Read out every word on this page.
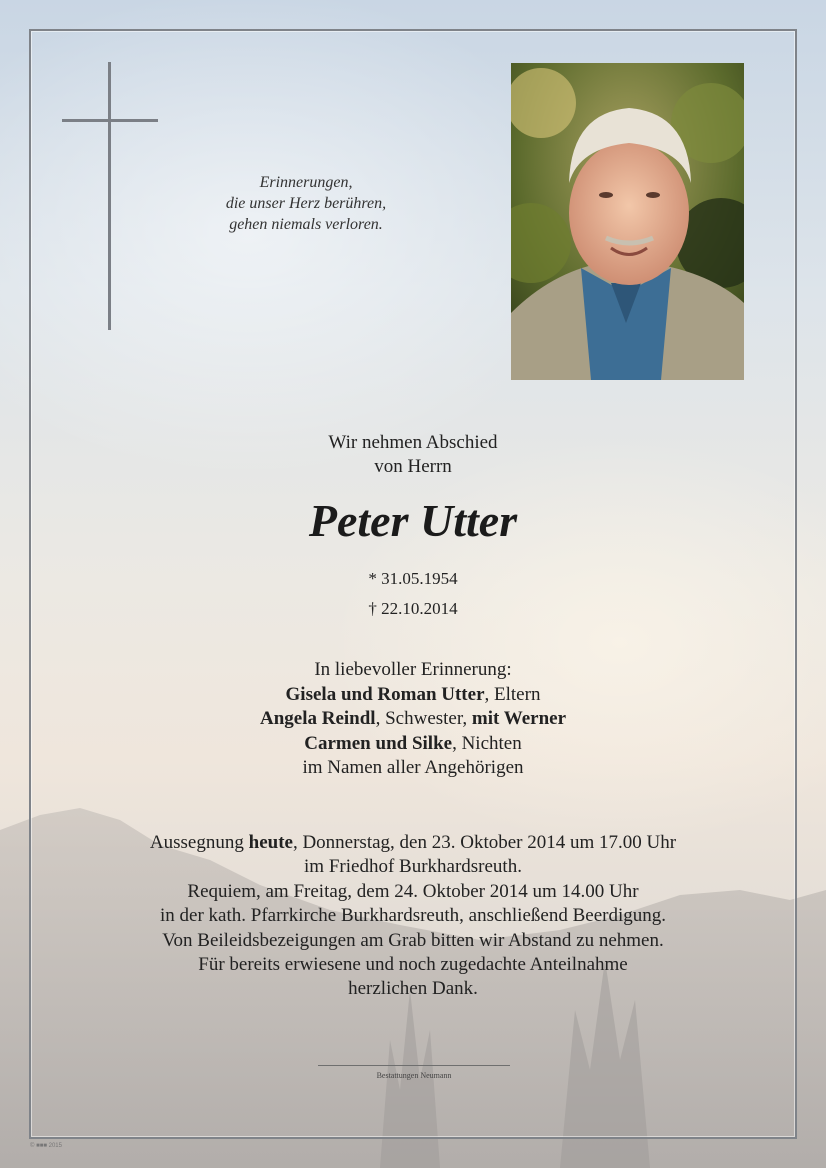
Erinnerungen,
die unser Herz berühren,
gehen niemals verloren.
Wir nehmen Abschied
von Herrn
Peter Utter
* 31.05.1954
† 22.10.2014
In liebevoller Erinnerung:
Gisela und Roman Utter, Eltern
Angela Reindl, Schwester, mit Werner
Carmen und Silke, Nichten
im Namen aller Angehörigen
Aussegnung heute, Donnerstag, den 23. Oktober 2014 um 17.00 Uhr
im Friedhof Burkhardsreuth.
Requiem, am Freitag, dem 24. Oktober 2014 um 14.00 Uhr
in der kath. Pfarrkirche Burkhardsreuth, anschließend Beerdigung.
Von Beileidsbezeigungen am Grab bitten wir Abstand zu nehmen.
Für bereits erwiesene und noch zugedachte Anteilnahme
herzlichen Dank.
Bestattungen Neumann
© ■■■ 2015
